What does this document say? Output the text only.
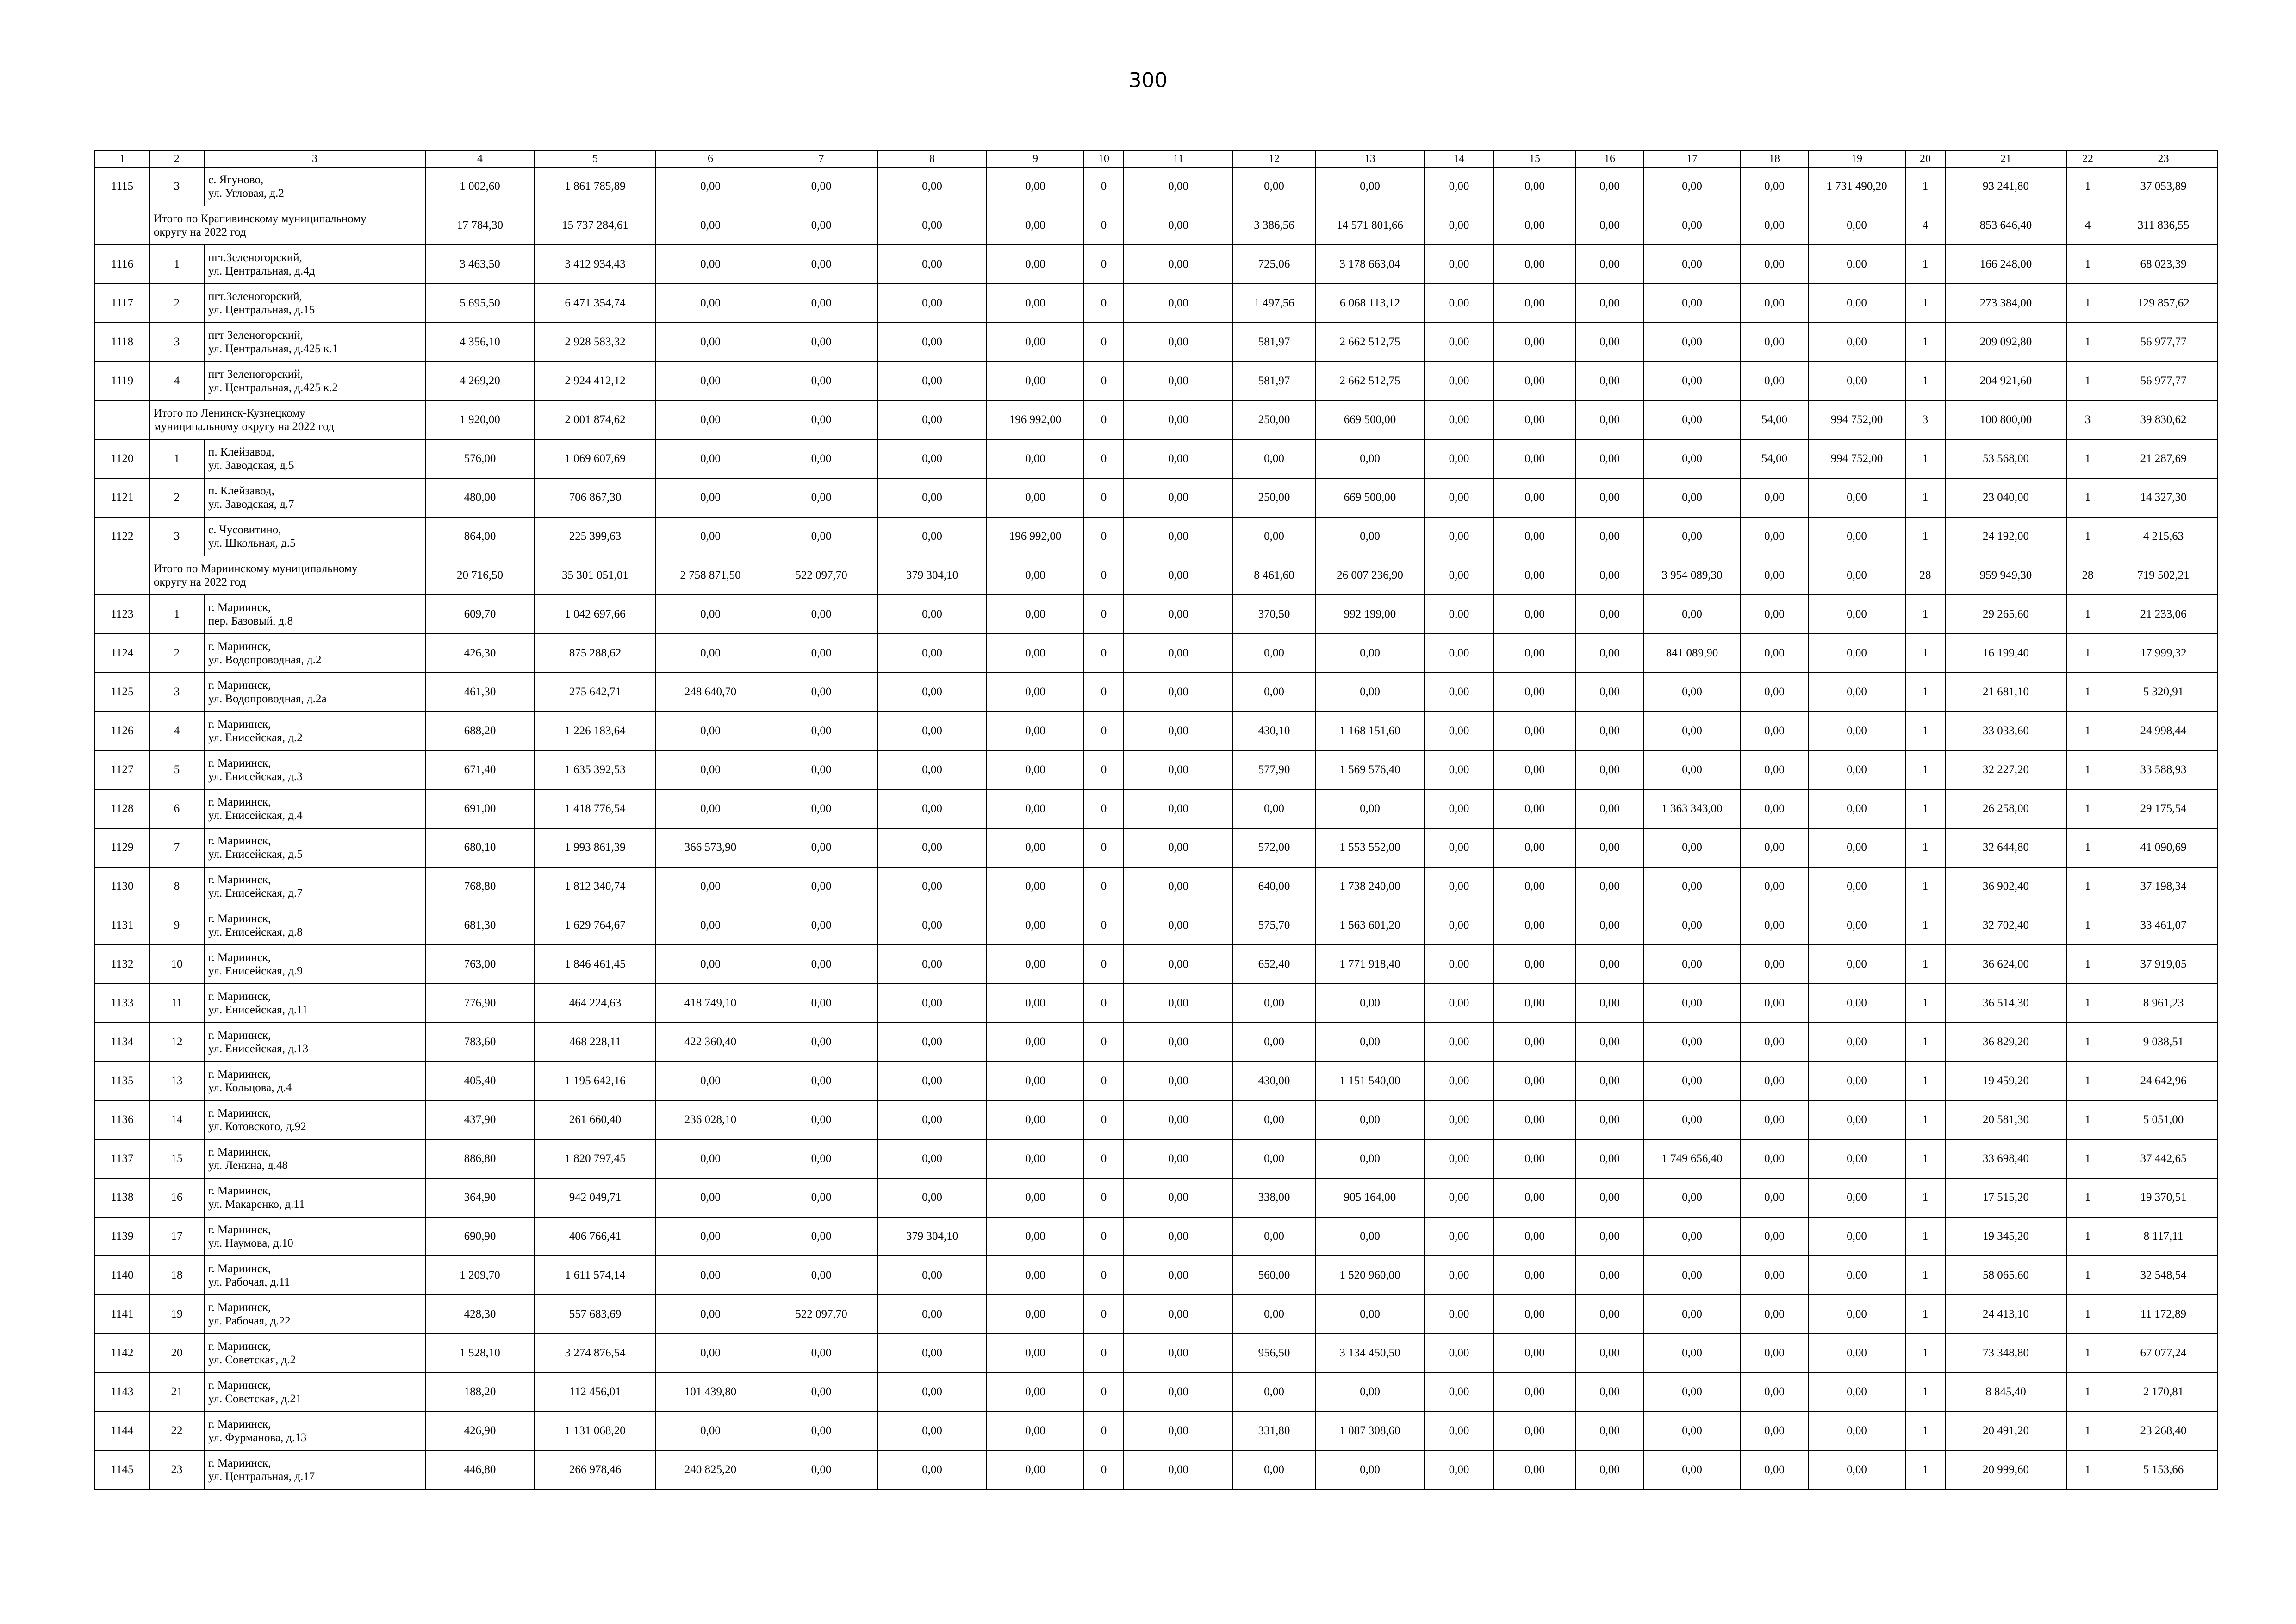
300
1	2	3	4	5	6	7	8	9	10	11	12	13	14	15	16	17	18	19	20	21	22	23
1115	3	с. Ягуново,
ул. Угловая, д.2	1 002,60	1 861 785,89	0,00	0,00	0,00	0,00	0	0,00	0,00	0,00	0,00	0,00	0,00	0,00	0,00	1 731 490,20	1	93 241,80	1	37 053,89

	Итого по Крапивинскому муниципальному
округу на 2022 год		17 784,30	15 737 284,61	0,00	0,00	0,00	0,00	0	0,00	3 386,56	14 571 801,66	0,00	0,00	0,00	0,00	0,00	0,00	4	853 646,40	4	311 836,55
1116	1	пгт.Зеленогорский,
ул. Центральная, д.4д	3 463,50	3 412 934,43	0,00	0,00	0,00	0,00	0	0,00	725,06	3 178 663,04	0,00	0,00	0,00	0,00	0,00	0,00	1	166 248,00	1	68 023,39
1117	2	пгт.Зеленогорский,
ул. Центральная, д.15	5 695,50	6 471 354,74	0,00	0,00	0,00	0,00	0	0,00	1 497,56	6 068 113,12	0,00	0,00	0,00	0,00	0,00	0,00	1	273 384,00	1	129 857,62
1118	3	пгт Зеленогорский,
ул. Центральная, д.425 к.1	4 356,10	2 928 583,32	0,00	0,00	0,00	0,00	0	0,00	581,97	2 662 512,75	0,00	0,00	0,00	0,00	0,00	0,00	1	209 092,80	1	56 977,77
1119	4	пгт Зеленогорский,
ул. Центральная, д.425 к.2	4 269,20	2 924 412,12	0,00	0,00	0,00	0,00	0	0,00	581,97	2 662 512,75	0,00	0,00	0,00	0,00	0,00	0,00	1	204 921,60	1	56 977,77

	Итого по Ленинск-Кузнецкому
муниципальному округу на 2022 год		1 920,00	2 001 874,62	0,00	0,00	0,00	196 992,00	0	0,00	250,00	669 500,00	0,00	0,00	0,00	0,00	54,00	994 752,00	3	100 800,00	3	39 830,62
1120	1	п. Клейзавод,
ул. Заводская, д.5	576,00	1 069 607,69	0,00	0,00	0,00	0,00	0	0,00	0,00	0,00	0,00	0,00	0,00	0,00	54,00	994 752,00	1	53 568,00	1	21 287,69
1121	2	п. Клейзавод,
ул. Заводская, д.7	480,00	706 867,30	0,00	0,00	0,00	0,00	0	0,00	250,00	669 500,00	0,00	0,00	0,00	0,00	0,00	0,00	1	23 040,00	1	14 327,30
1122	3	с. Чусовитино,
ул. Школьная, д.5	864,00	225 399,63	0,00	0,00	0,00	196 992,00	0	0,00	0,00	0,00	0,00	0,00	0,00	0,00	0,00	0,00	1	24 192,00	1	4 215,63

	Итого по Мариинскому муниципальному
округу на 2022 год		20 716,50	35 301 051,01	2 758 871,50	522 097,70	379 304,10	0,00	0	0,00	8 461,60	26 007 236,90	0,00	0,00	0,00	3 954 089,30	0,00	0,00	28	959 949,30	28	719 502,21
1123	1	г. Мариинск,
пер. Базовый, д.8	609,70	1 042 697,66	0,00	0,00	0,00	0,00	0	0,00	370,50	992 199,00	0,00	0,00	0,00	0,00	0,00	0,00	1	29 265,60	1	21 233,06
1124	2	г. Мариинск,
ул. Водопроводная, д.2	426,30	875 288,62	0,00	0,00	0,00	0,00	0	0,00	0,00	0,00	0,00	0,00	0,00	841 089,90	0,00	0,00	1	16 199,40	1	17 999,32
1125	3	г. Мариинск,
ул. Водопроводная, д.2а	461,30	275 642,71	248 640,70	0,00	0,00	0,00	0	0,00	0,00	0,00	0,00	0,00	0,00	0,00	0,00	0,00	1	21 681,10	1	5 320,91
1126	4	г. Мариинск,
ул. Енисейская, д.2	688,20	1 226 183,64	0,00	0,00	0,00	0,00	0	0,00	430,10	1 168 151,60	0,00	0,00	0,00	0,00	0,00	0,00	1	33 033,60	1	24 998,44
1127	5	г. Мариинск,
ул. Енисейская, д.3	671,40	1 635 392,53	0,00	0,00	0,00	0,00	0	0,00	577,90	1 569 576,40	0,00	0,00	0,00	0,00	0,00	0,00	1	32 227,20	1	33 588,93
1128	6	г. Мариинск,
ул. Енисейская, д.4	691,00	1 418 776,54	0,00	0,00	0,00	0,00	0	0,00	0,00	0,00	0,00	0,00	0,00	1 363 343,00	0,00	0,00	1	26 258,00	1	29 175,54
1129	7	г. Мариинск,
ул. Енисейская, д.5	680,10	1 993 861,39	366 573,90	0,00	0,00	0,00	0	0,00	572,00	1 553 552,00	0,00	0,00	0,00	0,00	0,00	0,00	1	32 644,80	1	41 090,69
1130	8	г. Мариинск,
ул. Енисейская, д.7	768,80	1 812 340,74	0,00	0,00	0,00	0,00	0	0,00	640,00	1 738 240,00	0,00	0,00	0,00	0,00	0,00	0,00	1	36 902,40	1	37 198,34
1131	9	г. Мариинск,
ул. Енисейская, д.8	681,30	1 629 764,67	0,00	0,00	0,00	0,00	0	0,00	575,70	1 563 601,20	0,00	0,00	0,00	0,00	0,00	0,00	1	32 702,40	1	33 461,07
1132	10	г. Мариинск,
ул. Енисейская, д.9	763,00	1 846 461,45	0,00	0,00	0,00	0,00	0	0,00	652,40	1 771 918,40	0,00	0,00	0,00	0,00	0,00	0,00	1	36 624,00	1	37 919,05
1133	11	г. Мариинск,
ул. Енисейская, д.11	776,90	464 224,63	418 749,10	0,00	0,00	0,00	0	0,00	0,00	0,00	0,00	0,00	0,00	0,00	0,00	0,00	1	36 514,30	1	8 961,23
1134	12	г. Мариинск,
ул. Енисейская, д.13	783,60	468 228,11	422 360,40	0,00	0,00	0,00	0	0,00	0,00	0,00	0,00	0,00	0,00	0,00	0,00	0,00	1	36 829,20	1	9 038,51
1135	13	г. Мариинск,
ул. Кольцова, д.4	405,40	1 195 642,16	0,00	0,00	0,00	0,00	0	0,00	430,00	1 151 540,00	0,00	0,00	0,00	0,00	0,00	0,00	1	19 459,20	1	24 642,96
1136	14	г. Мариинск,
ул. Котовского, д.92	437,90	261 660,40	236 028,10	0,00	0,00	0,00	0	0,00	0,00	0,00	0,00	0,00	0,00	0,00	0,00	0,00	1	20 581,30	1	5 051,00
1137	15	г. Мариинск,
ул. Ленина, д.48	886,80	1 820 797,45	0,00	0,00	0,00	0,00	0	0,00	0,00	0,00	0,00	0,00	0,00	1 749 656,40	0,00	0,00	1	33 698,40	1	37 442,65
1138	16	г. Мариинск,
ул. Макаренко, д.11	364,90	942 049,71	0,00	0,00	0,00	0,00	0	0,00	338,00	905 164,00	0,00	0,00	0,00	0,00	0,00	0,00	1	17 515,20	1	19 370,51
1139	17	г. Мариинск,
ул. Наумова, д.10	690,90	406 766,41	0,00	0,00	379 304,10	0,00	0	0,00	0,00	0,00	0,00	0,00	0,00	0,00	0,00	0,00	1	19 345,20	1	8 117,11
1140	18	г. Мариинск,
ул. Рабочая, д.11	1 209,70	1 611 574,14	0,00	0,00	0,00	0,00	0	0,00	560,00	1 520 960,00	0,00	0,00	0,00	0,00	0,00	0,00	1	58 065,60	1	32 548,54
1141	19	г. Мариинск,
ул. Рабочая, д.22	428,30	557 683,69	0,00	522 097,70	0,00	0,00	0	0,00	0,00	0,00	0,00	0,00	0,00	0,00	0,00	0,00	1	24 413,10	1	11 172,89
1142	20	г. Мариинск,
ул. Советская, д.2	1 528,10	3 274 876,54	0,00	0,00	0,00	0,00	0	0,00	956,50	3 134 450,50	0,00	0,00	0,00	0,00	0,00	0,00	1	73 348,80	1	67 077,24
1143	21	г. Мариинск,
ул. Советская, д.21	188,20	112 456,01	101 439,80	0,00	0,00	0,00	0	0,00	0,00	0,00	0,00	0,00	0,00	0,00	0,00	0,00	1	8 845,40	1	2 170,81
1144	22	г. Мариинск,
ул. Фурманова, д.13	426,90	1 131 068,20	0,00	0,00	0,00	0,00	0	0,00	331,80	1 087 308,60	0,00	0,00	0,00	0,00	0,00	0,00	1	20 491,20	1	23 268,40
1145	23	г. Мариинск,
ул. Центральная, д.17	446,80	266 978,46	240 825,20	0,00	0,00	0,00	0	0,00	0,00	0,00	0,00	0,00	0,00	0,00	0,00	0,00	1	20 999,60	1	5 153,66
